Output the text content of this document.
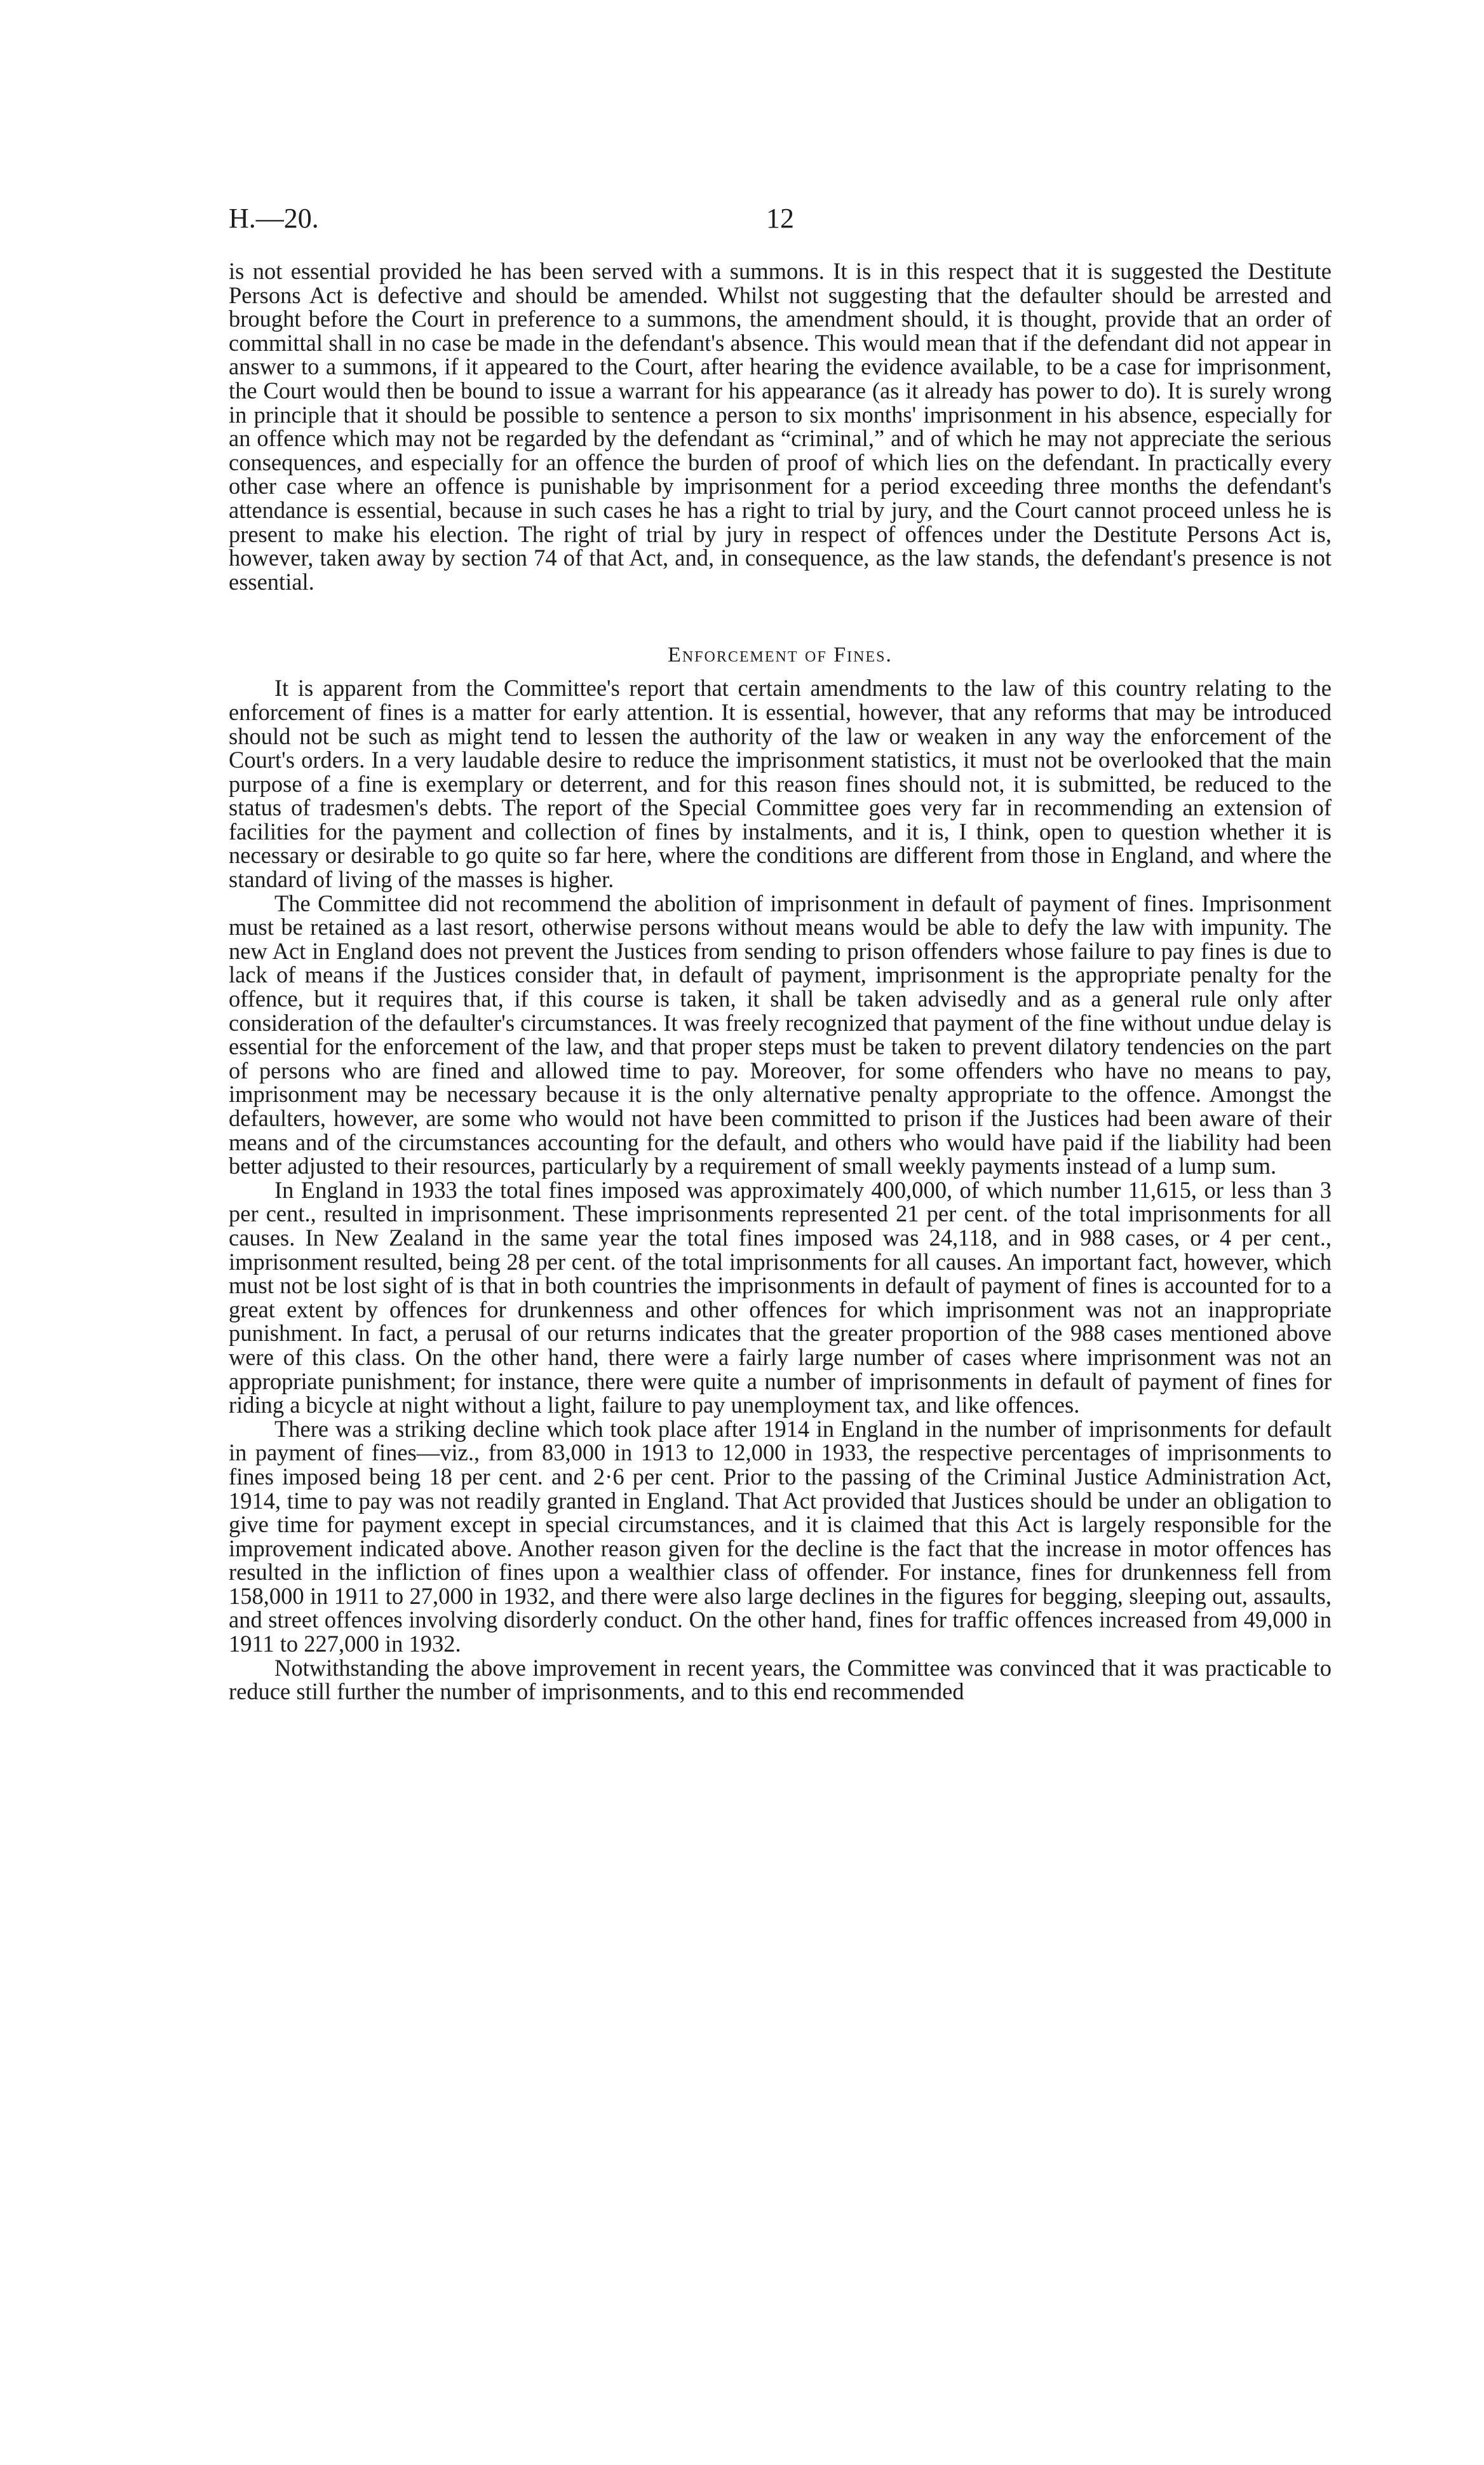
H.—20.	12

is not essential provided he has been served with a summons. It is in this respect that it is suggested the Destitute Persons Act is defective and should be amended. Whilst not suggesting that the defaulter should be arrested and brought before the Court in preference to a summons, the amendment should, it is thought, provide that an order of committal shall in no case be made in the defendant's absence. This would mean that if the defendant did not appear in answer to a summons, if it appeared to the Court, after hearing the evidence available, to be a case for imprisonment, the Court would then be bound to issue a warrant for his appearance (as it already has power to do). It is surely wrong in principle that it should be possible to sentence a person to six months' imprisonment in his absence, especially for an offence which may not be regarded by the defendant as “criminal,” and of which he may not appreciate the serious consequences, and especially for an offence the burden of proof of which lies on the defendant. In practically every other case where an offence is punishable by imprisonment for a period exceeding three months the defendant's attendance is essential, because in such cases he has a right to trial by jury, and the Court cannot proceed unless he is present to make his election. The right of trial by jury in respect of offences under the Destitute Persons Act is, however, taken away by section 74 of that Act, and, in consequence, as the law stands, the defendant's presence is not essential.

Enforcement of Fines.

It is apparent from the Committee's report that certain amendments to the law of this country relating to the enforcement of fines is a matter for early attention. It is essential, however, that any reforms that may be introduced should not be such as might tend to lessen the authority of the law or weaken in any way the enforcement of the Court's orders. In a very laudable desire to reduce the imprisonment statistics, it must not be overlooked that the main purpose of a fine is exemplary or deterrent, and for this reason fines should not, it is submitted, be reduced to the status of tradesmen's debts. The report of the Special Committee goes very far in recommending an extension of facilities for the payment and collection of fines by instalments, and it is, I think, open to question whether it is necessary or desirable to go quite so far here, where the conditions are different from those in England, and where the standard of living of the masses is higher.

The Committee did not recommend the abolition of imprisonment in default of payment of fines. Imprisonment must be retained as a last resort, otherwise persons without means would be able to defy the law with impunity. The new Act in England does not prevent the Justices from sending to prison offenders whose failure to pay fines is due to lack of means if the Justices consider that, in default of payment, imprisonment is the appropriate penalty for the offence, but it requires that, if this course is taken, it shall be taken advisedly and as a general rule only after consideration of the defaulter's circumstances. It was freely recognized that payment of the fine without undue delay is essential for the enforcement of the law, and that proper steps must be taken to prevent dilatory tendencies on the part of persons who are fined and allowed time to pay. Moreover, for some offenders who have no means to pay, imprisonment may be necessary because it is the only alternative penalty appropriate to the offence. Amongst the defaulters, however, are some who would not have been committed to prison if the Justices had been aware of their means and of the circumstances accounting for the default, and others who would have paid if the liability had been better adjusted to their resources, particularly by a requirement of small weekly payments instead of a lump sum.

In England in 1933 the total fines imposed was approximately 400,000, of which number 11,615, or less than 3 per cent., resulted in imprisonment. These imprisonments represented 21 per cent. of the total imprisonments for all causes. In New Zealand in the same year the total fines imposed was 24,118, and in 988 cases, or 4 per cent., imprisonment resulted, being 28 per cent. of the total imprisonments for all causes. An important fact, however, which must not be lost sight of is that in both countries the imprisonments in default of payment of fines is accounted for to a great extent by offences for drunkenness and other offences for which imprisonment was not an inappropriate punishment. In fact, a perusal of our returns indicates that the greater proportion of the 988 cases mentioned above were of this class. On the other hand, there were a fairly large number of cases where imprisonment was not an appropriate punishment; for instance, there were quite a number of imprisonments in default of payment of fines for riding a bicycle at night without a light, failure to pay unemployment tax, and like offences.

There was a striking decline which took place after 1914 in England in the number of imprisonments for default in payment of fines—viz., from 83,000 in 1913 to 12,000 in 1933, the respective percentages of imprisonments to fines imposed being 18 per cent. and 2·6 per cent. Prior to the passing of the Criminal Justice Administration Act, 1914, time to pay was not readily granted in England. That Act provided that Justices should be under an obligation to give time for payment except in special circumstances, and it is claimed that this Act is largely responsible for the improvement indicated above. Another reason given for the decline is the fact that the increase in motor offences has resulted in the infliction of fines upon a wealthier class of offender. For instance, fines for drunkenness fell from 158,000 in 1911 to 27,000 in 1932, and there were also large declines in the figures for begging, sleeping out, assaults, and street offences involving disorderly conduct. On the other hand, fines for traffic offences increased from 49,000 in 1911 to 227,000 in 1932.

Notwithstanding the above improvement in recent years, the Committee was convinced that it was practicable to reduce still further the number of imprisonments, and to this end recommended
